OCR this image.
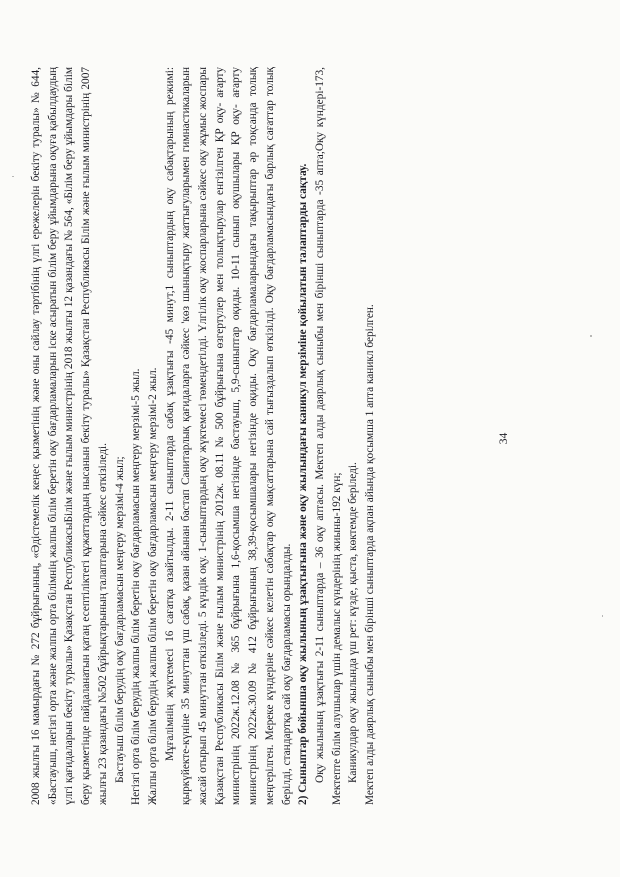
2008 жылғы 16 мамырдағы № 272 бұйрығының, «Әдістемелік кеңес қызметінің және оны сайлау тәртібінің үлгі ережелерін бекіту туралы» № 644, «Бастауыш, негізгі орта және жалпы орта білімнің жалпы білім беретін оқу бағдарламаларын іске асыратын білім беру ұйымдарына оқуға қабылдаудың үлгі қағидаларын бекіту туралы» Қазақстан РеспубликасыБілім және ғылым министрінің 2018 жылғы 12 қазандағы № 564, «Білім беру ұйымдары білім беру қызметінде пайдаланатын қатаң есептіліктегі құжаттардың нысанын бекіту туралы» Қазақстан Республикасы Білім және ғылым министрінің 2007 жылғы 23 қазандағы №502 бұйрықтарының талаптарына сәйкес өткізіледі. Бастауыш білім берудің оқу бағдарламасын меңгеру мерзімі-4 жыл; Негізгі орта білім берудің жалпы білім беретін оқу бағдарламасын меңгеру мерзімі-5 жыл. Жалпы орта білім берудің жалпы білім беретін оқу бағдарламасын меңгеру мерзімі-2 жыл. Мұғалімнің жүктемесі 16 сағатқа азайтылды. 2-11 сыныптарда сабақ ұзақтығы -45 минут,1 сыныптардың оқу сабақтарының режимі: қыркүйекте-күніне 35 минуттан үш сабақ, қазан айынан бастап Санитарлық қағидаларға сәйкес 'көз шынықтыру жаттығуларымен гимнастикаларын жасай отырып 45 минуттан өткізіледі. 5 күндік оқу. 1-сыныптардың оқу жүктемесі төмендетілді. Үлгілік оқу жоспарларына сәйкес оқу жұмыс жоспары Қазақстан Республикасы Білім және ғылым министрінің 2012ж. 08.11 № 500 бұйрығына өзгертулер мен толықтырулар енгізілген ҚР оқу- ағарту министрінің 2022ж.12.08 № 365 бұйрығына 1,6-қосымша негізінде бастауыш, 5,9-сыныптар оқиды. 10-11 сынып оқушылары ҚР оқу- ағарту министрінің 2022ж.30.09 № 412 бұйрығының 38,39-қосымшалары негізінде оқиды. Оқу бағдарламаларындағы тақырыптар әр тоқсанда толық меңгерілген. Мереке күндеріне сәйкес келетін сабақтар оқу мақсаттарына сай тығыздалып өткізілді. Оқу бағдарламасындағы барлық сағаттар толық берілді, стандартқа сай оқу бағдарламасы орындалды. 2) Сыныптар бойынша оқу жылының ұзақтығына және оқу жылындағы каникул мерзіміне қойылатын талаптарды сақтау. Оқу жылының ұзақтығы 2-11 сыныптарда – 36 оқу аптасы. Мектеп алды даярлық сыныбы мен бірінші сыныптарда -35 апта;Оқу күндері-173, Мектепте білім алушылар үшін демалыс күндерінің жиыны-192 күн; Каникулдар оқу жылында үш рет: күзде, қыста, көктемде беріледі. Мектеп алды даярлық сыныбы мен бірінші сыныптарда ақпан айында қосымша 1 апта каникл берілген.	34
